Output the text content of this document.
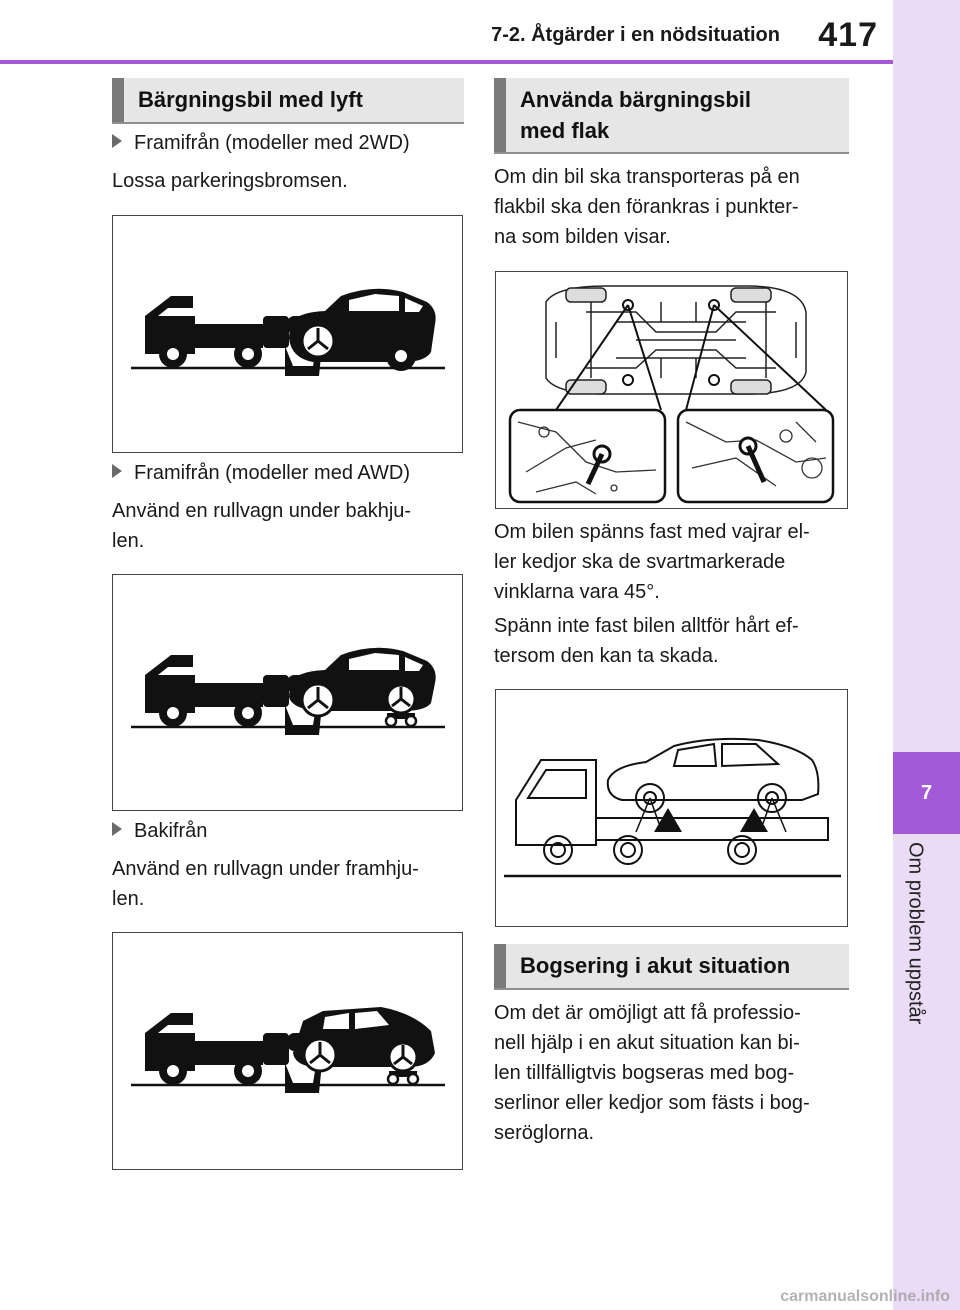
7-2. Åtgärder i en nödsituation 417
7
Om problem uppstår
Bärgningsbil med lyft
Framifrån (modeller med 2WD)
Lossa parkeringsbromsen.
Framifrån (modeller med AWD)
Använd en rullvagn under bakhju-
len.
Bakifrån
Använd en rullvagn under framhju-
len.
Använda bärgningsbil
med flak
Om din bil ska transporteras på en
flakbil ska den förankras i punkter-
na som bilden visar.
Om bilen spänns fast med vajrar el-
ler kedjor ska de svartmarkerade
vinklarna vara 45°.
Spänn inte fast bilen alltför hårt ef-
tersom den kan ta skada.
Bogsering i akut situation
Om det är omöjligt att få professio-
nell hjälp i en akut situation kan bi-
len tillfälligtvis bogseras med bog-
serlinor eller kedjor som fästs i bog-
seröglorna.
carmanualsonline.info
